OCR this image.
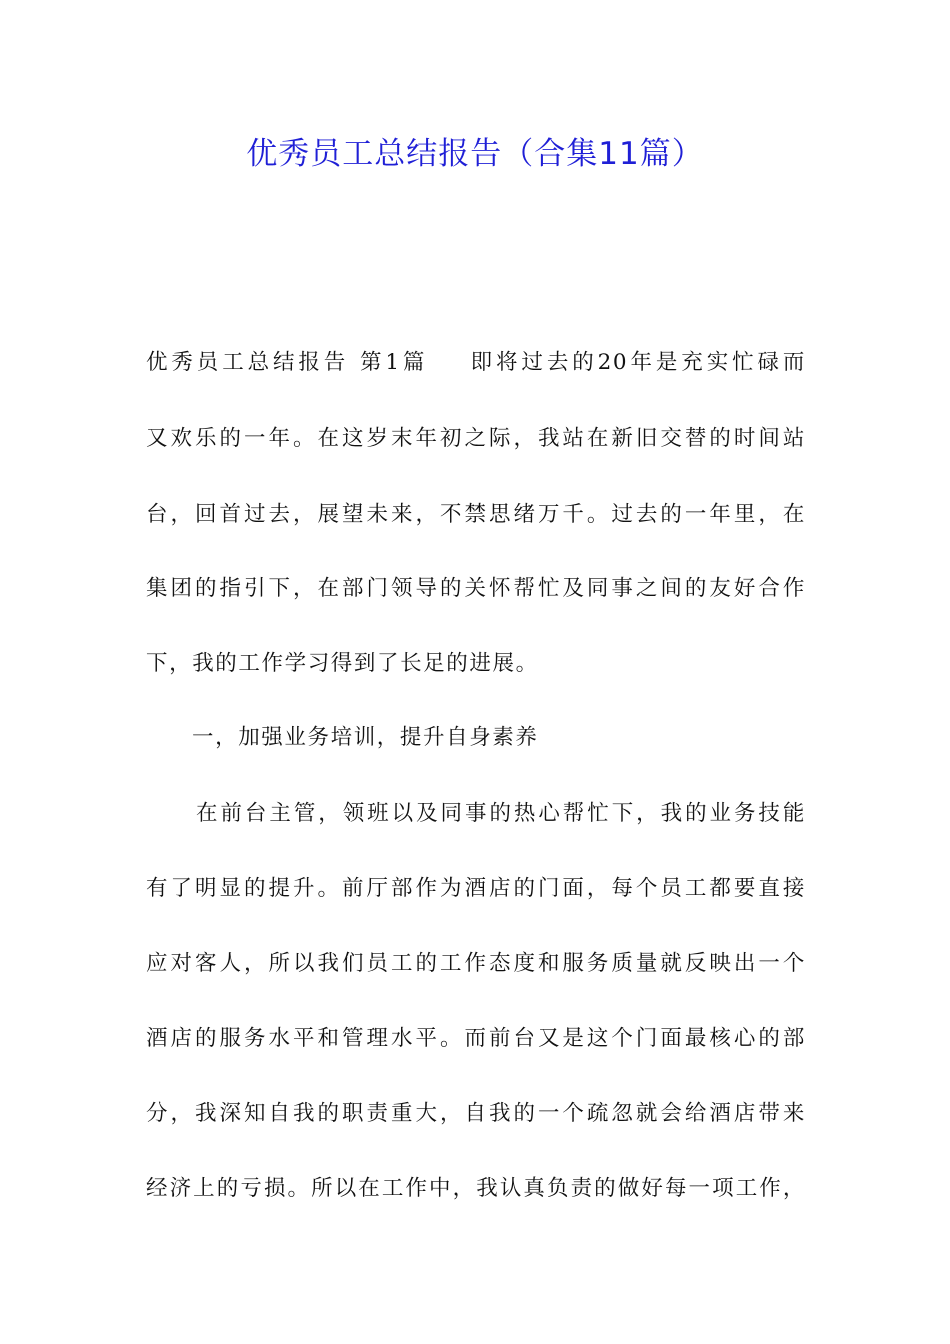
优秀员工总结报告（合集11篇）
优秀员工总结报告 第1篇 即将过去的20年是充实忙碌而
又欢乐的一年。在这岁末年初之际，我站在新旧交替的时间站
台，回首过去，展望未来，不禁思绪万千。过去的一年里，在
集团的指引下，在部门领导的关怀帮忙及同事之间的友好合作
下，我的工作学习得到了长足的进展。
一，加强业务培训，提升自身素养
在前台主管，领班以及同事的热心帮忙下，我的业务技能
有了明显的提升。前厅部作为酒店的门面，每个员工都要直接
应对客人，所以我们员工的工作态度和服务质量就反映出一个
酒店的服务水平和管理水平。而前台又是这个门面最核心的部
分，我深知自我的职责重大，自我的一个疏忽就会给酒店带来
经济上的亏损。所以在工作中，我认真负责的做好每一项工作，
